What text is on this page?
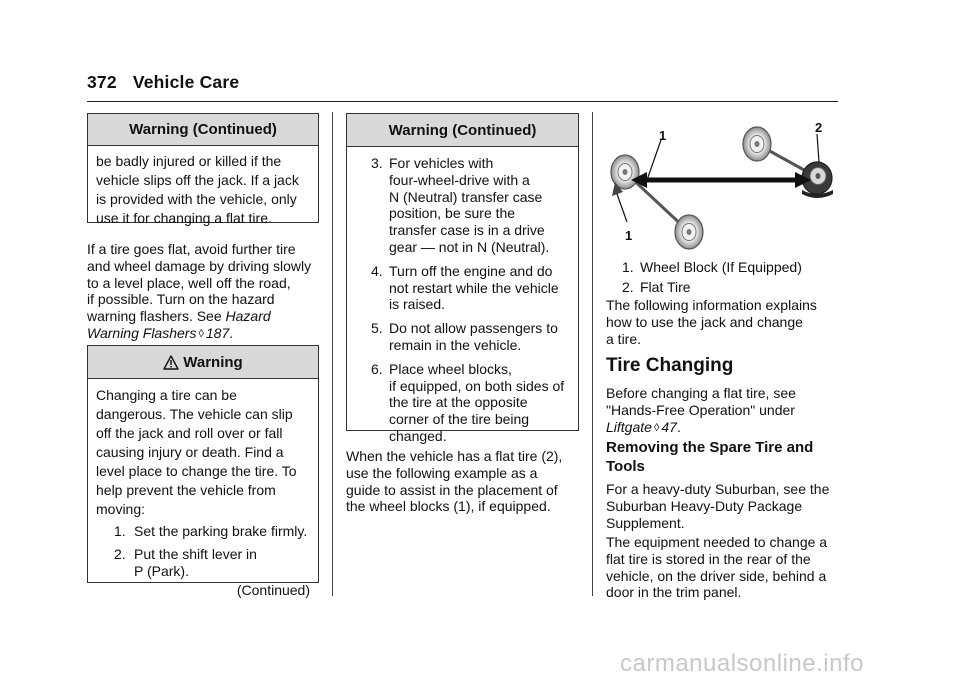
372 Vehicle Care
Warning (Continued)

be badly injured or killed if the

vehicle slips off the jack. If a jack

is provided with the vehicle, only

use it for changing a flat tire.

If a tire goes flat, avoid further tire

and wheel damage by driving slowly

to a level place, well off the road,

if possible. Turn on the hazard

warning flashers. See Hazard

Warning Flashers ◊ 187.

Warning

Changing a tire can be

dangerous. The vehicle can slip

off the jack and roll over or fall

causing injury or death. Find a

level place to change the tire. To

help prevent the vehicle from

moving:

1. Set the parking brake firmly.
2. Put the shift lever in
P (Park).
(Continued)
Warning (Continued)
3. For vehicles with
four-wheel-drive with a
N (Neutral) transfer case
position, be sure the
transfer case is in a drive
gear — not in N (Neutral).
4. Turn off the engine and do
not restart while the vehicle
is raised.
5. Do not allow passengers to
remain in the vehicle.
6. Place wheel blocks,
if equipped, on both sides of
the tire at the opposite
corner of the tire being
changed.

When the vehicle has a flat tire (2),

use the following example as a

guide to assist in the placement of

the wheel blocks (1), if equipped.

1
1
2
1. Wheel Block (If Equipped)
2. Flat Tire

The following information explains

how to use the jack and change

a tire.

Tire Changing

Before changing a flat tire, see

"Hands-Free Operation" under

Liftgate ◊ 47.

Removing the Spare Tire and
Tools

For a heavy-duty Suburban, see the

Suburban Heavy-Duty Package

Supplement.

The equipment needed to change a

flat tire is stored in the rear of the

vehicle, on the driver side, behind a

door in the trim panel.

carmanualsonline.info
